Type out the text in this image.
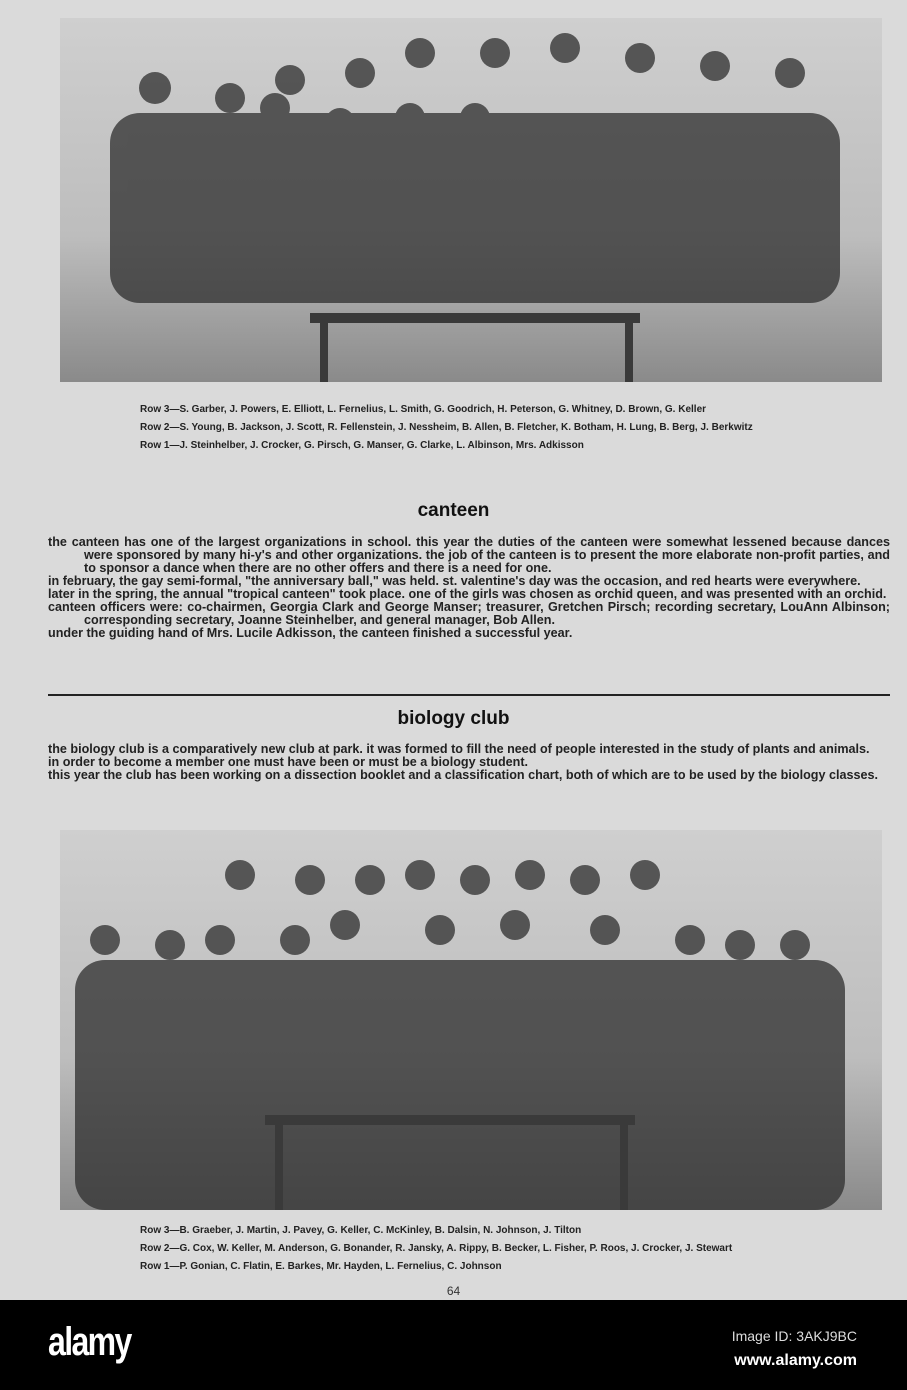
Row 3—S. Garber, J. Powers, E. Elliott, L. Fernelius, L. Smith, G. Goodrich, H. Peterson, G. Whitney, D. Brown, G. Keller

Row 2—S. Young, B. Jackson, J. Scott, R. Fellenstein, J. Nessheim, B. Allen, B. Fletcher, K. Botham, H. Lung, B. Berg, J. Berkwitz

Row 1—J. Steinhelber, J. Crocker, G. Pirsch, G. Manser, G. Clarke, L. Albinson, Mrs. Adkisson

canteen

the canteen has one of the largest organizations in school. this year the duties of the canteen were somewhat lessened because dances were sponsored by many hi-y's and other organizations. the job of the canteen is to present the more elaborate non-profit parties, and to sponsor a dance when there are no other offers and there is a need for one.

in february, the gay semi-formal, "the anniversary ball," was held. st. valentine's day was the occasion, and red hearts were everywhere.

later in the spring, the annual "tropical canteen" took place. one of the girls was chosen as orchid queen, and was presented with an orchid.

canteen officers were: co-chairmen, Georgia Clark and George Manser; treasurer, Gretchen Pirsch; recording secretary, LouAnn Albinson; corresponding secretary, Joanne Steinhelber, and general manager, Bob Allen.

under the guiding hand of Mrs. Lucile Adkisson, the canteen finished a successful year.

biology club

the biology club is a comparatively new club at park. it was formed to fill the need of people interested in the study of plants and animals.

in order to become a member one must have been or must be a biology student.

this year the club has been working on a dissection booklet and a classification chart, both of which are to be used by the biology classes.

Row 3—B. Graeber, J. Martin, J. Pavey, G. Keller, C. McKinley, B. Dalsin, N. Johnson, J. Tilton

Row 2—G. Cox, W. Keller, M. Anderson, G. Bonander, R. Jansky, A. Rippy, B. Becker, L. Fisher, P. Roos, J. Crocker, J. Stewart

Row 1—P. Gonian, C. Flatin, E. Barkes, Mr. Hayden, L. Fernelius, C. Johnson

64
alamy	Image ID: 3AKJ9BC
www.alamy.com
